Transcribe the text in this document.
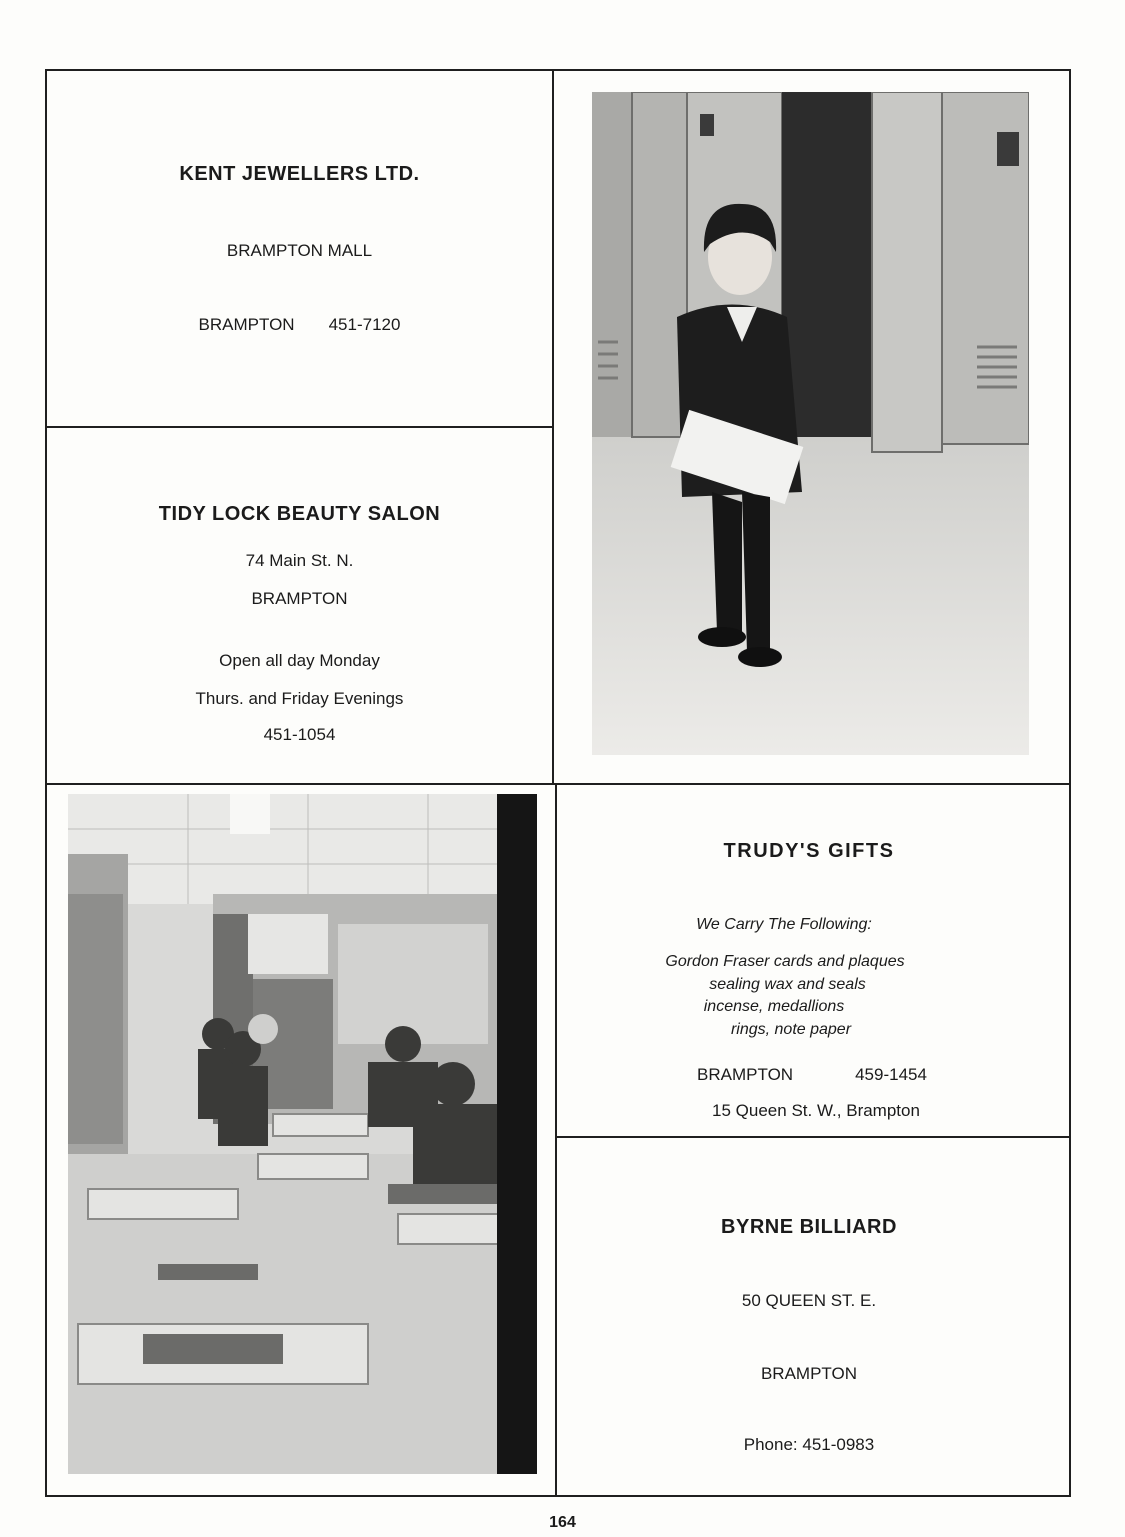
KENT JEWELLERS LTD.
BRAMPTON MALL
BRAMPTON 451-7120
TIDY LOCK BEAUTY SALON
74 Main St. N.
BRAMPTON
Open all day Monday
Thurs. and Friday Evenings
451-1054
TRUDY'S GIFTS
We Carry The Following:
Gordon Fraser cards and plaques
sealing wax and seals
incense, medallions
rings, note paper
BRAMPTON	459-1454
15 Queen St. W., Brampton
BYRNE BILLIARD
50 QUEEN ST. E.
BRAMPTON
Phone: 451-0983
164
